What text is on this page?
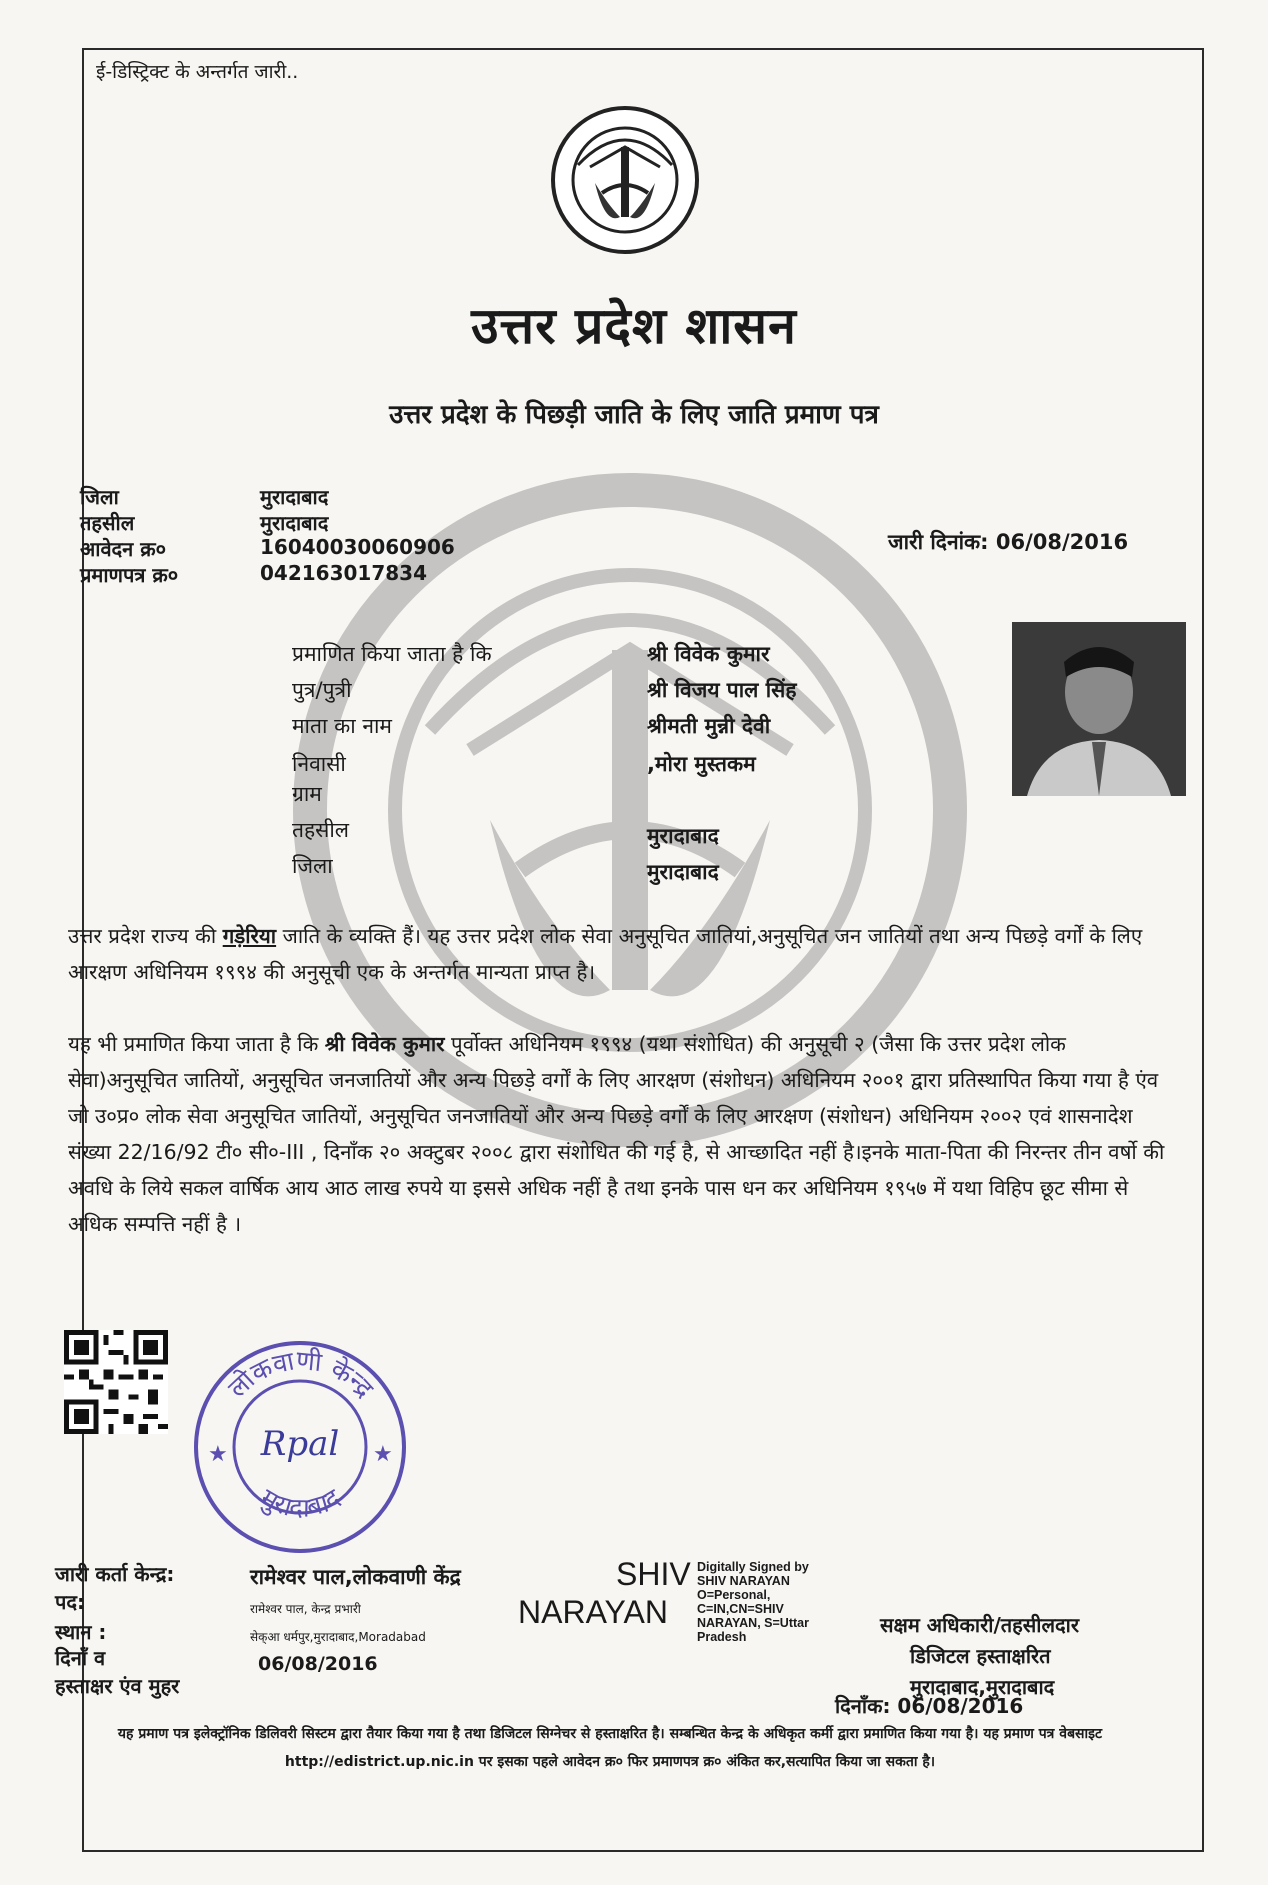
ई-डिस्ट्रिक्ट के अन्तर्गत जारी..
उत्तर प्रदेश शासन
उत्तर प्रदेश के पिछड़ी जाति के लिए जाति प्रमाण पत्र
जिला	मुरादाबाद
तहसील	मुरादाबाद
आवेदन क्र०	16040030060906
प्रमाणपत्र क्र०	042163017834
जारी दिनांक: 06/08/2016
प्रमाणित किया जाता है कि	श्री विवेक कुमार
पुत्र/पुत्री	श्री विजय पाल सिंह
माता का नाम	श्रीमती मुन्नी देवी
निवासी	,मोरा मुस्तकम
ग्राम
तहसील	मुरादाबाद
जिला	मुरादाबाद
उत्तर प्रदेश राज्य की गड़ेरिया जाति के व्यक्ति हैं। यह उत्तर प्रदेश लोक सेवा अनुसूचित जातियां,अनुसूचित जन जातियों तथा अन्य पिछड़े वर्गों के लिए आरक्षण अधिनियम १९९४ की अनुसूची एक के अन्तर्गत मान्यता प्राप्त है।
यह भी प्रमाणित किया जाता है कि श्री विवेक कुमार पूर्वोक्त अधिनियम १९९४ (यथा संशोधित) की अनुसूची २ (जैसा कि उत्तर प्रदेश लोक सेवा)अनुसूचित जातियों, अनुसूचित जनजातियों और अन्य पिछड़े वर्गों के लिए आरक्षण (संशोधन) अधिनियम २००१ द्वारा प्रतिस्थापित किया गया है एंव जो उ०प्र० लोक सेवा अनुसूचित जातियों, अनुसूचित जनजातियों और अन्य पिछड़े वर्गों के लिए आरक्षण (संशोधन) अधिनियम २००२ एवं शासनादेश संख्या 22/16/92 टी० सी०-III , दिनाँक २० अक्टुबर २००८ द्वारा संशोधित की गई है, से आच्छादित नहीं है।इनके माता-पिता की निरन्तर तीन वर्षो की अवधि के लिये सकल वार्षिक आय आठ लाख रुपये या इससे अधिक नहीं है तथा इनके पास धन कर अधिनियम १९५७ में यथा विहिप छूट सीमा से अधिक सम्पत्ति नहीं है ।
लोकवाणी केन्द्र
मुरादाबाद
★	★
Rpal
जारी कर्ता केन्द्र:
पद:
स्थान :
दिनाँ व
हस्ताक्षर एंव मुहर
रामेश्वर पाल,लोकवाणी केंद्र
रामेश्वर पाल, केन्द्र प्रभारी
सेक्आ धर्मपुर,मुरादाबाद,Moradabad
06/08/2016
SHIV
NARAYAN
Digitally Signed by
SHIV NARAYAN
O=Personal,
C=IN,CN=SHIV
NARAYAN, S=Uttar
Pradesh	सक्षम अधिकारी/तहसीलदार
डिजिटल हस्ताक्षरित
मुरादाबाद,मुरादाबाद
दिनाँक: 06/08/2016
यह प्रमाण पत्र इलेक्ट्रॉनिक डिलिवरी सिस्टम द्वारा तैयार किया गया है तथा डिजिटल सिग्नेचर से हस्ताक्षरित है। सम्बन्धित केन्द्र के अधिकृत कर्मी द्वारा प्रमाणित किया गया है। यह प्रमाण पत्र वेबसाइट http://edistrict.up.nic.in पर इसका पहले आवेदन क्र० फिर प्रमाणपत्र क्र० अंकित कर,सत्यापित किया जा सकता है।
